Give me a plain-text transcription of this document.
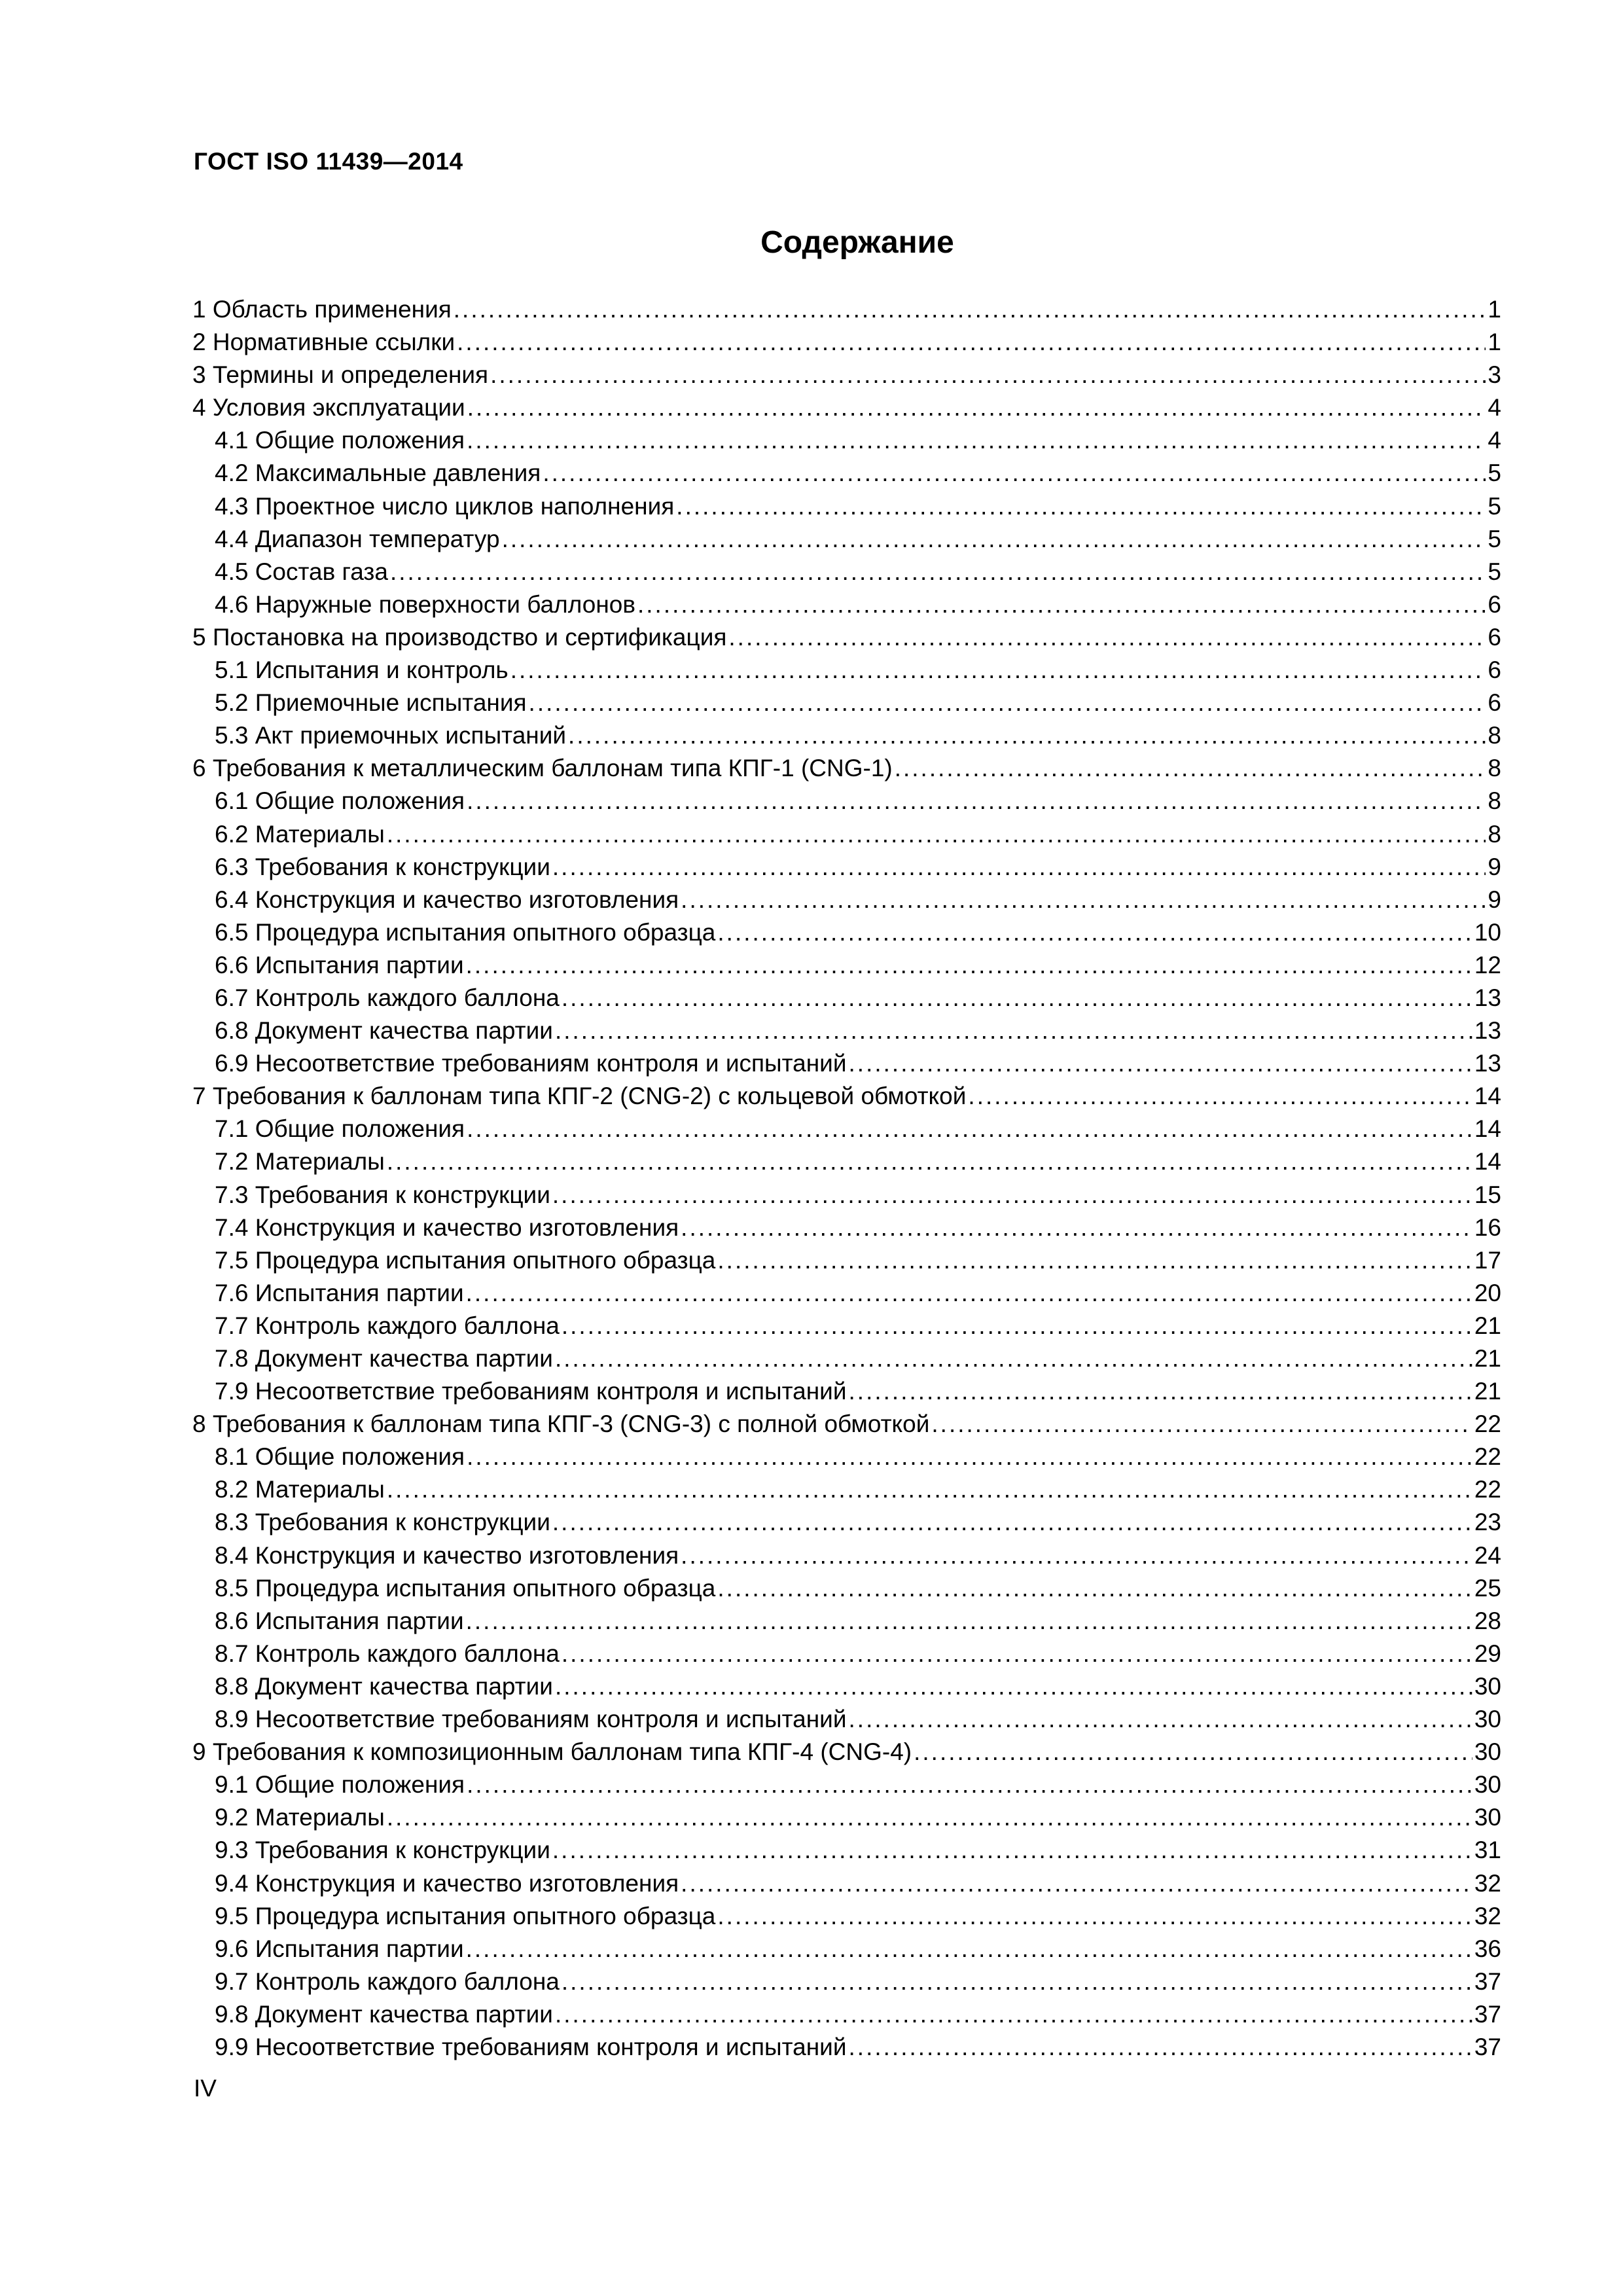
ГОСТ ISO 11439—2014
Содержание
1 Область применения .....	1
2 Нормативные ссылки .....	1
3 Термины и определения .....	3
4 Условия эксплуатации .....	4
4.1 Общие положения .....	4
4.2 Максимальные давления .....	5
4.3 Проектное число циклов наполнения .....	5
4.4 Диапазон температур .....	5
4.5 Состав газа .....	5
4.6 Наружные поверхности баллонов .....	6
5 Постановка на производство и сертификация .....	6
5.1 Испытания и контроль .....	6
5.2 Приемочные испытания .....	6
5.3 Акт приемочных испытаний .....	8
6 Требования к металлическим баллонам типа КПГ-1 (CNG-1) .....	8
6.1 Общие положения .....	8
6.2 Материалы .....	8
6.3 Требования к конструкции .....	9
6.4 Конструкция и качество изготовления .....	9
6.5 Процедура испытания опытного образца .....	10
6.6 Испытания партии .....	12
6.7 Контроль каждого баллона .....	13
6.8 Документ качества партии .....	13
6.9 Несоответствие требованиям контроля и испытаний .....	13
7 Требования к баллонам типа КПГ-2 (CNG-2) с кольцевой обмоткой .....	14
7.1 Общие положения .....	14
7.2 Материалы .....	14
7.3 Требования к конструкции .....	15
7.4 Конструкция и качество изготовления .....	16
7.5 Процедура испытания опытного образца .....	17
7.6 Испытания партии .....	20
7.7 Контроль каждого баллона .....	21
7.8 Документ качества партии .....	21
7.9 Несоответствие требованиям контроля и испытаний .....	21
8 Требования к баллонам типа КПГ-3 (CNG-3) с полной обмоткой .....	22
8.1 Общие положения .....	22
8.2 Материалы .....	22
8.3 Требования к конструкции .....	23
8.4 Конструкция и качество изготовления .....	24
8.5 Процедура испытания опытного образца .....	25
8.6 Испытания партии .....	28
8.7 Контроль каждого баллона .....	29
8.8 Документ качества партии .....	30
8.9 Несоответствие требованиям контроля и испытаний .....	30
9 Требования к композиционным баллонам типа КПГ-4 (CNG-4) .....	30
9.1 Общие положения .....	30
9.2 Материалы .....	30
9.3 Требования к конструкции .....	31
9.4 Конструкция и качество изготовления .....	32
9.5 Процедура испытания опытного образца .....	32
9.6 Испытания партии .....	36
9.7 Контроль каждого баллона .....	37
9.8 Документ качества партии .....	37
9.9 Несоответствие требованиям контроля и испытаний .....	37
IV
